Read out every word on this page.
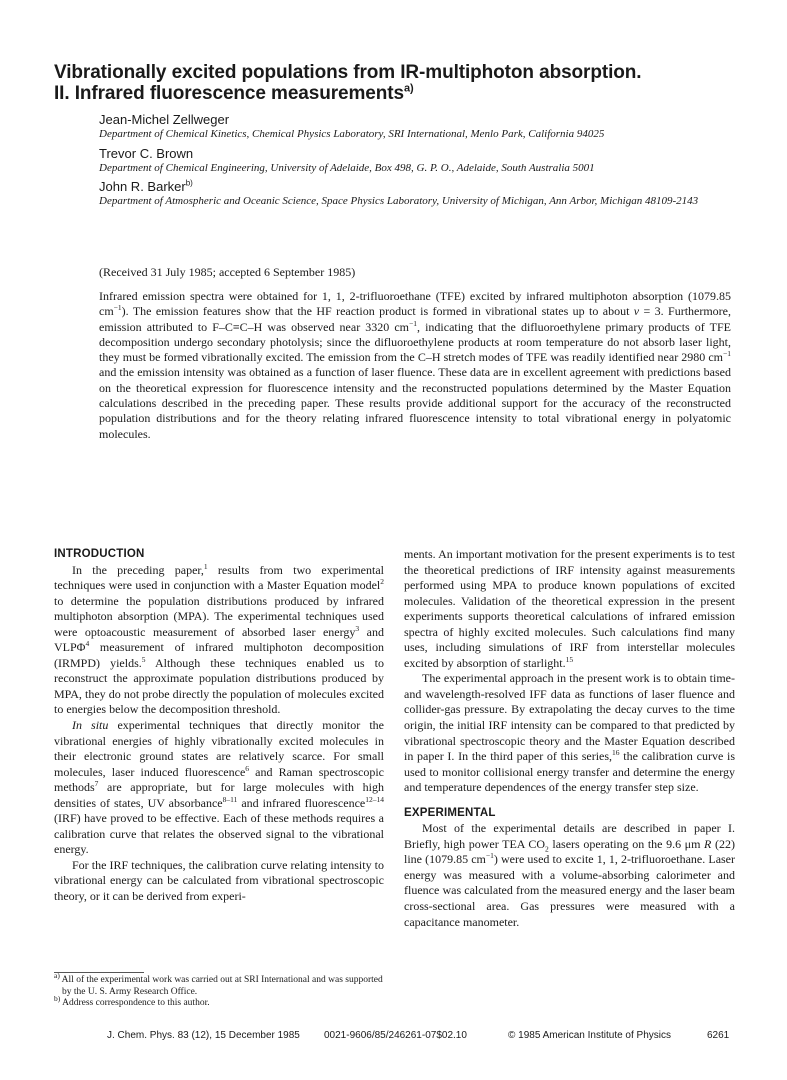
Vibrationally excited populations from IR-multiphoton absorption.
II. Infrared fluorescence measurements$^{a)}$
Jean-Michel Zellweger
Department of Chemical Kinetics, Chemical Physics Laboratory, SRI International, Menlo Park, California 94025
Trevor C. Brown
Department of Chemical Engineering, University of Adelaide, Box 498, G. P. O., Adelaide, South Australia 5001
John R. Barker$^{b)}$
Department of Atmospheric and Oceanic Science, Space Physics Laboratory, University of Michigan, Ann Arbor, Michigan 48109-2143
(Received 31 July 1985; accepted 6 September 1985)
Infrared emission spectra were obtained for 1, 1, 2-trifluoroethane (TFE) excited by infrared multiphoton absorption (1079.85 $cm^{-1}$). The emission features show that the HF reaction product is formed in vibrational states up to about v = 3. Furthermore, emission attributed to F–C≡C–H was observed near 3320 $cm^{-1}$, indicating that the difluoroethylene primary products of TFE decomposition undergo secondary photolysis; since the difluoroethylene products at room temperature do not absorb laser light, they must be formed vibrationally excited. The emission from the C–H stretch modes of TFE was readily identified near 2980 $cm^{-1}$ and the emission intensity was obtained as a function of laser fluence. These data are in excellent agreement with predictions based on the theoretical expression for fluorescence intensity and the reconstructed populations determined by the Master Equation calculations described in the preceding paper. These results provide additional support for the accuracy of the reconstructed population distributions and for the theory relating infrared fluorescence intensity to total vibrational energy in polyatomic molecules.

INTRODUCTION

In the preceding paper,$^1$ results from two experimental techniques were used in conjunction with a Master Equation model$^2$ to determine the population distributions produced by infrared multiphoton absorption (MPA). The experimental techniques used were optoacoustic measurement of absorbed laser energy$^3$ and VLPΦ$^4$ measurement of infrared multiphoton decomposition (IRMPD) yields.$^5$ Although these techniques enabled us to reconstruct the approximate population distributions produced by MPA, they do not probe directly the population of molecules excited to energies below the decomposition threshold.

In situ experimental techniques that directly monitor the vibrational energies of highly vibrationally excited molecules in their electronic ground states are relatively scarce. For small molecules, laser induced fluorescence$^6$ and Raman spectroscopic methods$^7$ are appropriate, but for large molecules with high densities of states, UV absorbance$^{8-11}$ and infrared fluorescence$^{12-14}$ (IRF) have proved to be effective. Each of these methods requires a calibration curve that relates the observed signal to the vibrational energy.

For the IRF techniques, the calibration curve relating intensity to vibrational energy can be calculated from vibrational spectroscopic theory, or it can be derived from experi-

ments. An important motivation for the present experiments is to test the theoretical predictions of IRF intensity against measurements performed using MPA to produce known populations of excited molecules. Validation of the theoretical expression in the present experiments supports theoretical calculations of infrared emission spectra of highly excited molecules. Such calculations find many uses, including simulations of IRF from interstellar molecules excited by absorption of starlight.$^{15}$

The experimental approach in the present work is to obtain time- and wavelength-resolved IFF data as functions of laser fluence and collider-gas pressure. By extrapolating the decay curves to the time origin, the initial IRF intensity can be compared to that predicted by vibrational spectroscopic theory and the Master Equation described in paper I. In the third paper of this series,$^{16}$ the calibration curve is used to monitor collisional energy transfer and determine the energy and temperature dependences of the energy transfer step size.

EXPERIMENTAL

Most of the experimental details are described in paper I. Briefly, high power TEA $CO_2$ lasers operating on the 9.6 μm R (22) line (1079.85 $cm^{-1}$) were used to excite 1, 1, 2-trifluoroethane. Laser energy was measured with a volume-absorbing calorimeter and fluence was calculated from the measured energy and the laser beam cross-sectional area. Gas pressures were measured with a capacitance manometer.

$^{a)}$ All of the experimental work was carried out at SRI International and was supported by the U. S. Army Research Office.
$^{b)}$ Address correspondence to this author.
J. Chem. Phys. 83 (12), 15 December 1985 0021-9606/85/246261-07$02.10	© 1985 American Institute of Physics	6261
